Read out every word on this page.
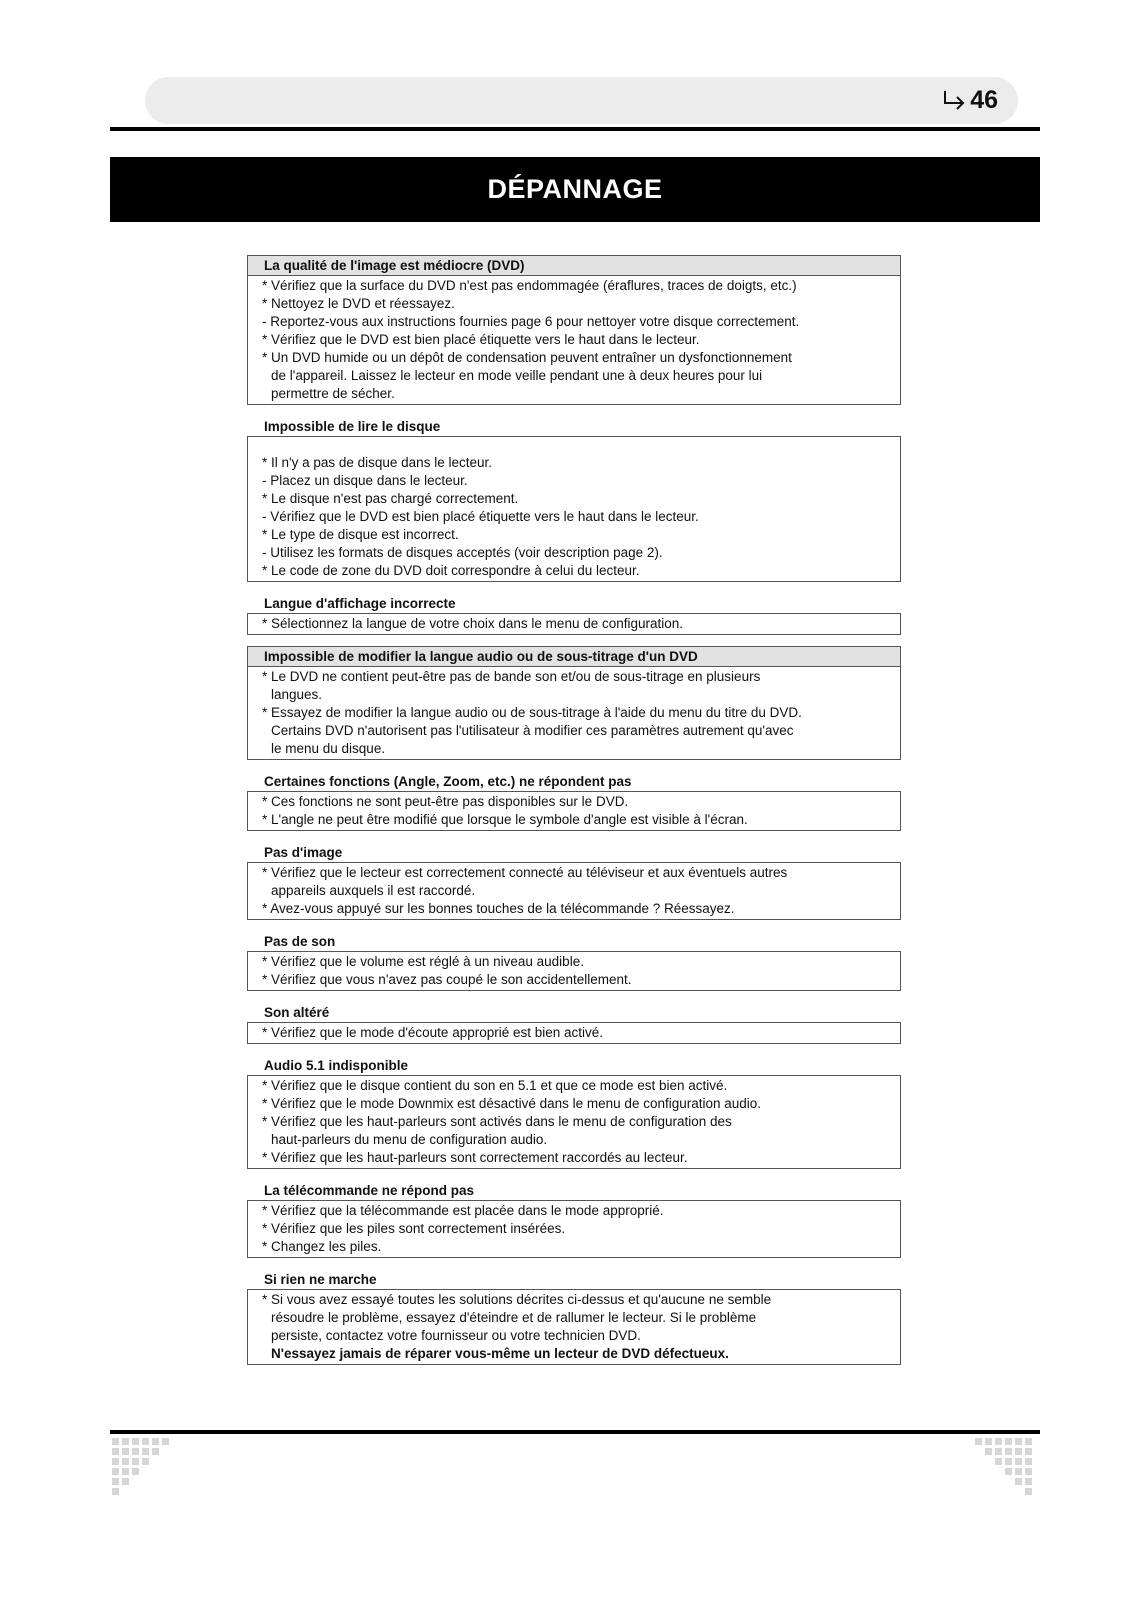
46
DÉPANNAGE
La qualité de l'image est médiocre (DVD)
* Vérifiez que la surface du DVD n'est pas endommagée (éraflures, traces de doigts, etc.)
* Nettoyez le DVD et réessayez.
- Reportez-vous aux instructions fournies page 6 pour nettoyer votre disque correctement.
* Vérifiez que le DVD est bien placé étiquette vers le haut dans le lecteur.
* Un DVD humide ou un dépôt de condensation peuvent entraîner un dysfonctionnement
de l'appareil. Laissez le lecteur en mode veille pendant une à deux heures pour lui
permettre de sécher.
Impossible de lire le disque
* Il n'y a pas de disque dans le lecteur.
- Placez un disque dans le lecteur.
* Le disque n'est pas chargé correctement.
- Vérifiez que le DVD est bien placé étiquette vers le haut dans le lecteur.
* Le type de disque est incorrect.
- Utilisez les formats de disques acceptés (voir description page 2).
* Le code de zone du DVD doit correspondre à celui du lecteur.
Langue d'affichage incorrecte
* Sélectionnez la langue de votre choix dans le menu de configuration.
Impossible de modifier la langue audio ou de sous-titrage d'un DVD
* Le DVD ne contient peut-être pas de bande son et/ou de sous-titrage en plusieurs
langues.
* Essayez de modifier la langue audio ou de sous-titrage à l'aide du menu du titre du DVD.
Certains DVD n'autorisent pas l'utilisateur à modifier ces paramètres autrement qu'avec
le menu du disque.
Certaines fonctions (Angle, Zoom, etc.) ne répondent pas
* Ces fonctions ne sont peut-être pas disponibles sur le DVD.
* L'angle ne peut être modifié que lorsque le symbole d'angle est visible à l'écran.
Pas d'image
* Vérifiez que le lecteur est correctement connecté au téléviseur et aux éventuels autres
appareils auxquels il est raccordé.
* Avez-vous appuyé sur les bonnes touches de la télécommande ? Réessayez.
Pas de son
* Vérifiez que le volume est réglé à un niveau audible.
* Vérifiez que vous n'avez pas coupé le son accidentellement.
Son altéré
* Vérifiez que le mode d'écoute approprié est bien activé.
Audio 5.1 indisponible
* Vérifiez que le disque contient du son en 5.1 et que ce mode est bien activé.
* Vérifiez que le mode Downmix est désactivé dans le menu de configuration audio.
* Vérifiez que les haut-parleurs sont activés dans le menu de configuration des
haut-parleurs du menu de configuration audio.
* Vérifiez que les haut-parleurs sont correctement raccordés au lecteur.
La télécommande ne répond pas
* Vérifiez que la télécommande est placée dans le mode approprié.
* Vérifiez que les piles sont correctement insérées.
* Changez les piles.
Si rien ne marche
* Si vous avez essayé toutes les solutions décrites ci-dessus et qu'aucune ne semble
résoudre le problème, essayez d'éteindre et de rallumer le lecteur. Si le problème
persiste, contactez votre fournisseur ou votre technicien DVD.
N'essayez jamais de réparer vous-même un lecteur de DVD défectueux.
